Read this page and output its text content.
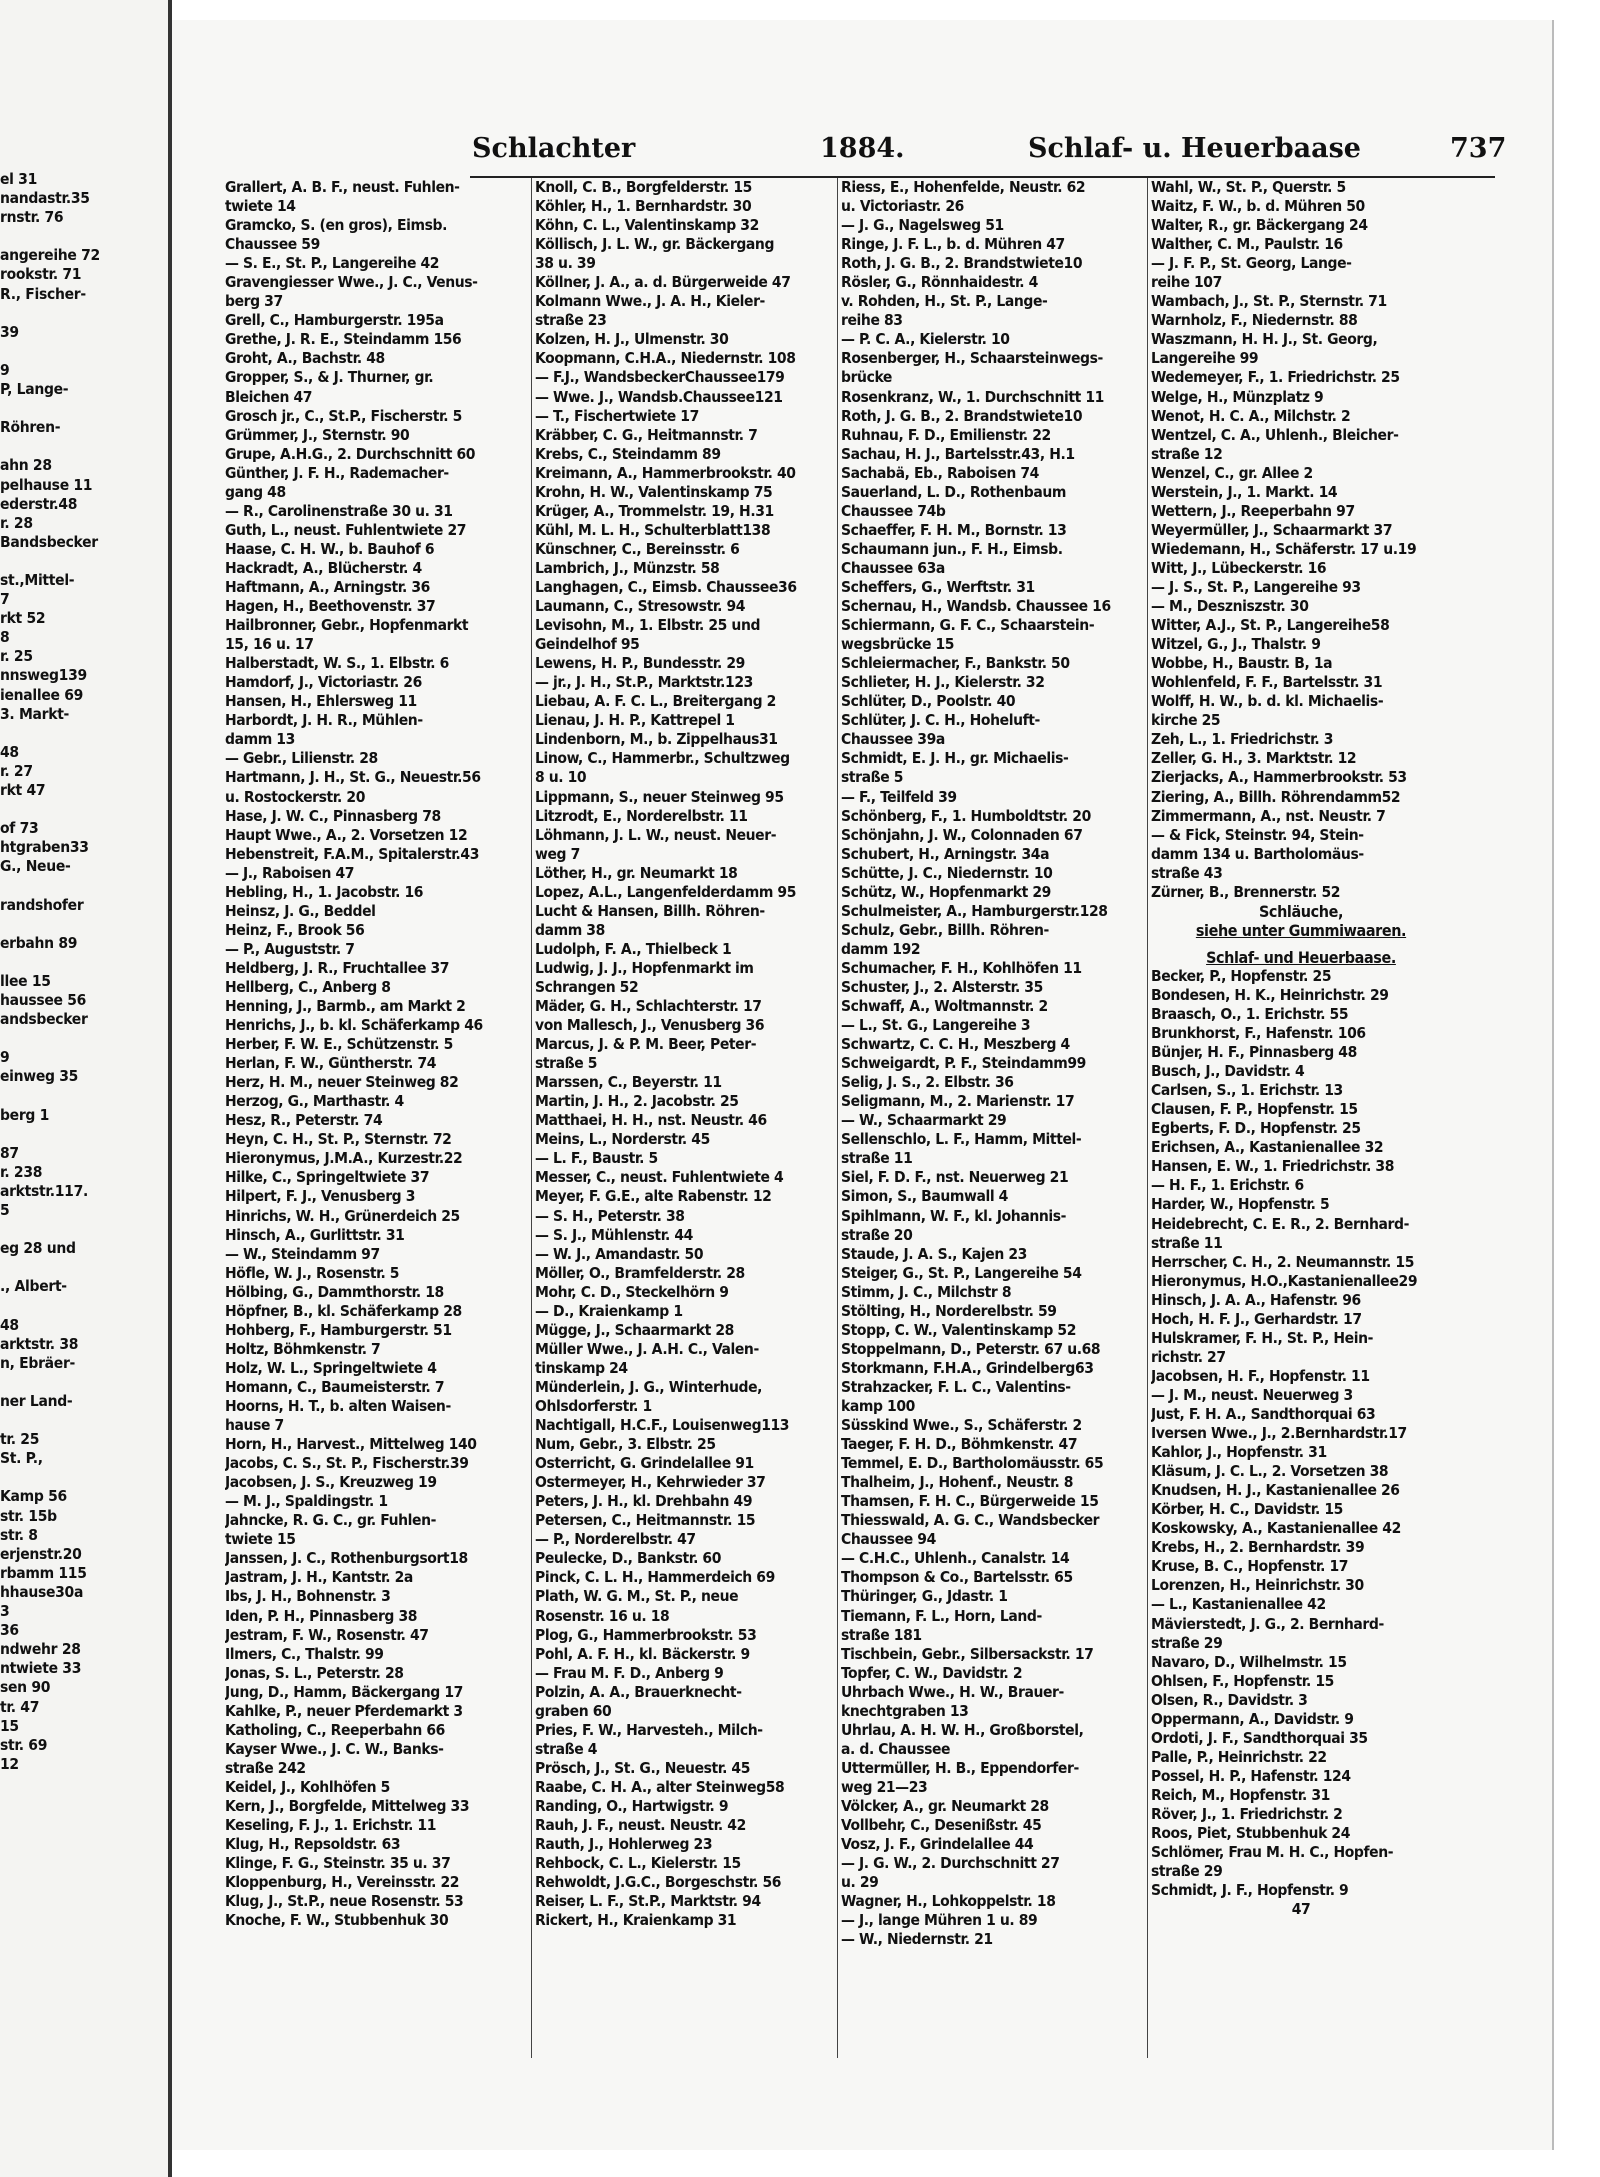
el 31
nandastr.35
rnstr. 76
angereihe 72
rookstr. 71
R., Fischer-
39
9
P, Lange-
Röhren-
ahn 28
pelhause 11
ederstr.48
r. 28
Bandsbecker
st.,Mittel-
7
rkt 52
8
r. 25
nnsweg139
ienallee 69
3. Markt-
48
r. 27
rkt 47
of 73
htgraben33
G., Neue-
randshofer
erbahn 89
llee 15
haussee 56
andsbecker
9
einweg 35
berg 1
87
r. 238
arktstr.117.
5
eg 28 und
., Albert-
48
arktstr. 38
n, Ebräer-
ner Land-
tr. 25
St. P.,
Kamp 56
str. 15b
str. 8
erjenstr.20
rbamm 115
hhause30a
3
36
ndwehr 28
ntwiete 33
sen 90
tr. 47
15
str. 69
12
Schlachter	1884.	Schlaf- u. Heuerbaase	737
Grallert, A. B. F., neust. Fuhlen-
twiete 14
Gramcko, S. (en gros), Eimsb.
Chaussee 59
— S. E., St. P., Langereihe 42
Gravengiesser Wwe., J. C., Venus-
berg 37
Grell, C., Hamburgerstr. 195a
Grethe, J. R. E., Steindamm 156
Groht, A., Bachstr. 48
Gropper, S., & J. Thurner, gr.
Bleichen 47
Grosch jr., C., St.P., Fischerstr. 5
Grümmer, J., Sternstr. 90
Grupe, A.H.G., 2. Durchschnitt 60
Günther, J. F. H., Rademacher-
gang 48
— R., Carolinenstraße 30 u. 31
Guth, L., neust. Fuhlentwiete 27
Haase, C. H. W., b. Bauhof 6
Hackradt, A., Blücherstr. 4
Haftmann, A., Arningstr. 36
Hagen, H., Beethovenstr. 37
Hailbronner, Gebr., Hopfenmarkt
15, 16 u. 17
Halberstadt, W. S., 1. Elbstr. 6
Hamdorf, J., Victoriastr. 26
Hansen, H., Ehlersweg 11
Harbordt, J. H. R., Mühlen-
damm 13
— Gebr., Lilienstr. 28
Hartmann, J. H., St. G., Neuestr.56
u. Rostockerstr. 20
Hase, J. W. C., Pinnasberg 78
Haupt Wwe., A., 2. Vorsetzen 12
Hebenstreit, F.A.M., Spitalerstr.43
— J., Raboisen 47
Hebling, H., 1. Jacobstr. 16
Heinsz, J. G., Beddel
Heinz, F., Brook 56
— P., Auguststr. 7
Heldberg, J. R., Fruchtallee 37
Hellberg, C., Anberg 8
Henning, J., Barmb., am Markt 2
Henrichs, J., b. kl. Schäferkamp 46
Herber, F. W. E., Schützenstr. 5
Herlan, F. W., Güntherstr. 74
Herz, H. M., neuer Steinweg 82
Herzog, G., Marthastr. 4
Hesz, R., Peterstr. 74
Heyn, C. H., St. P., Sternstr. 72
Hieronymus, J.M.A., Kurzestr.22
Hilke, C., Springeltwiete 37
Hilpert, F. J., Venusberg 3
Hinrichs, W. H., Grünerdeich 25
Hinsch, A., Gurlittstr. 31
— W., Steindamm 97
Höfle, W. J., Rosenstr. 5
Hölbing, G., Dammthorstr. 18
Höpfner, B., kl. Schäferkamp 28
Hohberg, F., Hamburgerstr. 51
Holtz, Böhmkenstr. 7
Holz, W. L., Springeltwiete 4
Homann, C., Baumeisterstr. 7
Hoorns, H. T., b. alten Waisen-
hause 7
Horn, H., Harvest., Mittelweg 140
Jacobs, C. S., St. P., Fischerstr.39
Jacobsen, J. S., Kreuzweg 19
— M. J., Spaldingstr. 1
Jahncke, R. G. C., gr. Fuhlen-
twiete 15
Janssen, J. C., Rothenburgsort18
Jastram, J. H., Kantstr. 2a
Ibs, J. H., Bohnenstr. 3
Iden, P. H., Pinnasberg 38
Jestram, F. W., Rosenstr. 47
Ilmers, C., Thalstr. 99
Jonas, S. L., Peterstr. 28
Jung, D., Hamm, Bäckergang 17
Kahlke, P., neuer Pferdemarkt 3
Katholing, C., Reeperbahn 66
Kayser Wwe., J. C. W., Banks-
straße 242
Keidel, J., Kohlhöfen 5
Kern, J., Borgfelde, Mittelweg 33
Keseling, F. J., 1. Erichstr. 11
Klug, H., Repsoldstr. 63
Klinge, F. G., Steinstr. 35 u. 37
Kloppenburg, H., Vereinsstr. 22
Klug, J., St.P., neue Rosenstr. 53
Knoche, F. W., Stubbenhuk 30
Knoll, C. B., Borgfelderstr. 15
Köhler, H., 1. Bernhardstr. 30
Köhn, C. L., Valentinskamp 32
Köllisch, J. L. W., gr. Bäckergang
38 u. 39
Köllner, J. A., a. d. Bürgerweide 47
Kolmann Wwe., J. A. H., Kieler-
straße 23
Kolzen, H. J., Ulmenstr. 30
Koopmann, C.H.A., Niedernstr. 108
— F.J., WandsbeckerChaussee179
— Wwe. J., Wandsb.Chaussee121
— T., Fischertwiete 17
Kräbber, C. G., Heitmannstr. 7
Krebs, C., Steindamm 89
Kreimann, A., Hammerbrookstr. 40
Krohn, H. W., Valentinskamp 75
Krüger, A., Trommelstr. 19, H.31
Kühl, M. L. H., Schulterblatt138
Künschner, C., Bereinsstr. 6
Lambrich, J., Münzstr. 58
Langhagen, C., Eimsb. Chaussee36
Laumann, C., Stresowstr. 94
Levisohn, M., 1. Elbstr. 25 und
Geindelhof 95
Lewens, H. P., Bundesstr. 29
— jr., J. H., St.P., Marktstr.123
Liebau, A. F. C. L., Breitergang 2
Lienau, J. H. P., Kattrepel 1
Lindenborn, M., b. Zippelhaus31
Linow, C., Hammerbr., Schultzweg
8 u. 10
Lippmann, S., neuer Steinweg 95
Litzrodt, E., Norderelbstr. 11
Löhmann, J. L. W., neust. Neuer-
weg 7
Löther, H., gr. Neumarkt 18
Lopez, A.L., Langenfelderdamm 95
Lucht & Hansen, Billh. Röhren-
damm 38
Ludolph, F. A., Thielbeck 1
Ludwig, J. J., Hopfenmarkt im
Schrangen 52
Mäder, G. H., Schlachterstr. 17
von Mallesch, J., Venusberg 36
Marcus, J. & P. M. Beer, Peter-
straße 5
Marssen, C., Beyerstr. 11
Martin, J. H., 2. Jacobstr. 25
Matthaei, H. H., nst. Neustr. 46
Meins, L., Norderstr. 45
— L. F., Baustr. 5
Messer, C., neust. Fuhlentwiete 4
Meyer, F. G.E., alte Rabenstr. 12
— S. H., Peterstr. 38
— S. J., Mühlenstr. 44
— W. J., Amandastr. 50
Möller, O., Bramfelderstr. 28
Mohr, C. D., Steckelhörn 9
— D., Kraienkamp 1
Mügge, J., Schaarmarkt 28
Müller Wwe., J. A.H. C., Valen-
tinskamp 24
Münderlein, J. G., Winterhude,
Ohlsdorferstr. 1
Nachtigall, H.C.F., Louisenweg113
Num, Gebr., 3. Elbstr. 25
Osterricht, G. Grindelallee 91
Ostermeyer, H., Kehrwieder 37
Peters, J. H., kl. Drehbahn 49
Petersen, C., Heitmannstr. 15
— P., Norderelbstr. 47
Peulecke, D., Bankstr. 60
Pinck, C. L. H., Hammerdeich 69
Plath, W. G. M., St. P., neue
Rosenstr. 16 u. 18
Plog, G., Hammerbrookstr. 53
Pohl, A. F. H., kl. Bäckerstr. 9
— Frau M. F. D., Anberg 9
Polzin, A. A., Brauerknecht-
graben 60
Pries, F. W., Harvesteh., Milch-
straße 4
Prösch, J., St. G., Neuestr. 45
Raabe, C. H. A., alter Steinweg58
Randing, O., Hartwigstr. 9
Rauh, J. F., neust. Neustr. 42
Rauth, J., Hohlerweg 23
Rehbock, C. L., Kielerstr. 15
Rehwoldt, J.G.C., Borgeschstr. 56
Reiser, L. F., St.P., Marktstr. 94
Rickert, H., Kraienkamp 31
Riess, E., Hohenfelde, Neustr. 62
u. Victoriastr. 26
— J. G., Nagelsweg 51
Ringe, J. F. L., b. d. Mühren 47
Roth, J. G. B., 2. Brandstwiete10
Rösler, G., Rönnhaidestr. 4
v. Rohden, H., St. P., Lange-
reihe 83
— P. C. A., Kielerstr. 10
Rosenberger, H., Schaarsteinwegs-
brücke
Rosenkranz, W., 1. Durchschnitt 11
Roth, J. G. B., 2. Brandstwiete10
Ruhnau, F. D., Emilienstr. 22
Sachau, H. J., Bartelsstr.43, H.1
Sachabä, Eb., Raboisen 74
Sauerland, L. D., Rothenbaum
Chaussee 74b
Schaeffer, F. H. M., Bornstr. 13
Schaumann jun., F. H., Eimsb.
Chaussee 63a
Scheffers, G., Werftstr. 31
Schernau, H., Wandsb. Chaussee 16
Schiermann, G. F. C., Schaarstein-
wegsbrücke 15
Schleiermacher, F., Bankstr. 50
Schlieter, H. J., Kielerstr. 32
Schlüter, D., Poolstr. 40
Schlüter, J. C. H., Hoheluft-
Chaussee 39a
Schmidt, E. J. H., gr. Michaelis-
straße 5
— F., Teilfeld 39
Schönberg, F., 1. Humboldtstr. 20
Schönjahn, J. W., Colonnaden 67
Schubert, H., Arningstr. 34a
Schütte, J. C., Niedernstr. 10
Schütz, W., Hopfenmarkt 29
Schulmeister, A., Hamburgerstr.128
Schulz, Gebr., Billh. Röhren-
damm 192
Schumacher, F. H., Kohlhöfen 11
Schuster, J., 2. Alsterstr. 35
Schwaff, A., Woltmannstr. 2
— L., St. G., Langereihe 3
Schwartz, C. C. H., Meszberg 4
Schweigardt, P. F., Steindamm99
Selig, J. S., 2. Elbstr. 36
Seligmann, M., 2. Marienstr. 17
— W., Schaarmarkt 29
Sellenschlo, L. F., Hamm, Mittel-
straße 11
Siel, F. D. F., nst. Neuerweg 21
Simon, S., Baumwall 4
Spihlmann, W. F., kl. Johannis-
straße 20
Staude, J. A. S., Kajen 23
Steiger, G., St. P., Langereihe 54
Stimm, J. C., Milchstr 8
Stölting, H., Norderelbstr. 59
Stopp, C. W., Valentinskamp 52
Stoppelmann, D., Peterstr. 67 u.68
Storkmann, F.H.A., Grindelberg63
Strahzacker, F. L. C., Valentins-
kamp 100
Süsskind Wwe., S., Schäferstr. 2
Taeger, F. H. D., Böhmkenstr. 47
Temmel, E. D., Bartholomäusstr. 65
Thalheim, J., Hohenf., Neustr. 8
Thamsen, F. H. C., Bürgerweide 15
Thiesswald, A. G. C., Wandsbecker
Chaussee 94
— C.H.C., Uhlenh., Canalstr. 14
Thompson & Co., Bartelsstr. 65
Thüringer, G., Jdastr. 1
Tiemann, F. L., Horn, Land-
straße 181
Tischbein, Gebr., Silbersackstr. 17
Topfer, C. W., Davidstr. 2
Uhrbach Wwe., H. W., Brauer-
knechtgraben 13
Uhrlau, A. H. W. H., Großborstel,
a. d. Chaussee
Uttermüller, H. B., Eppendorfer-
weg 21—23
Völcker, A., gr. Neumarkt 28
Vollbehr, C., Desenißstr. 45
Vosz, J. F., Grindelallee 44
— J. G. W., 2. Durchschnitt 27
u. 29
Wagner, H., Lohkoppelstr. 18
— J., lange Mühren 1 u. 89
— W., Niedernstr. 21
Wahl, W., St. P., Querstr. 5
Waitz, F. W., b. d. Mühren 50
Walter, R., gr. Bäckergang 24
Walther, C. M., Paulstr. 16
— J. F. P., St. Georg, Lange-
reihe 107
Wambach, J., St. P., Sternstr. 71
Warnholz, F., Niedernstr. 88
Waszmann, H. H. J., St. Georg,
Langereihe 99
Wedemeyer, F., 1. Friedrichstr. 25
Welge, H., Münzplatz 9
Wenot, H. C. A., Milchstr. 2
Wentzel, C. A., Uhlenh., Bleicher-
straße 12
Wenzel, C., gr. Allee 2
Werstein, J., 1. Markt. 14
Wettern, J., Reeperbahn 97
Weyermüller, J., Schaarmarkt 37
Wiedemann, H., Schäferstr. 17 u.19
Witt, J., Lübeckerstr. 16
— J. S., St. P., Langereihe 93
— M., Deszniszstr. 30
Witter, A.J., St. P., Langereihe58
Witzel, G., J., Thalstr. 9
Wobbe, H., Baustr. B, 1a
Wohlenfeld, F. F., Bartelsstr. 31
Wolff, H. W., b. d. kl. Michaelis-
kirche 25
Zeh, L., 1. Friedrichstr. 3
Zeller, G. H., 3. Marktstr. 12
Zierjacks, A., Hammerbrookstr. 53
Ziering, A., Billh. Röhrendamm52
Zimmermann, A., nst. Neustr. 7
— & Fick, Steinstr. 94, Stein-
damm 134 u. Bartholomäus-
straße 43
Zürner, B., Brennerstr. 52
Schläuche,
siehe unter Gummiwaaren.
Schlaf- und Heuerbaase.
Becker, P., Hopfenstr. 25
Bondesen, H. K., Heinrichstr. 29
Braasch, O., 1. Erichstr. 55
Brunkhorst, F., Hafenstr. 106
Bünjer, H. F., Pinnasberg 48
Busch, J., Davidstr. 4
Carlsen, S., 1. Erichstr. 13
Clausen, F. P., Hopfenstr. 15
Egberts, F. D., Hopfenstr. 25
Erichsen, A., Kastanienallee 32
Hansen, E. W., 1. Friedrichstr. 38
— H. F., 1. Erichstr. 6
Harder, W., Hopfenstr. 5
Heidebrecht, C. E. R., 2. Bernhard-
straße 11
Herrscher, C. H., 2. Neumannstr. 15
Hieronymus, H.O.,Kastanienallee29
Hinsch, J. A. A., Hafenstr. 96
Hoch, H. F. J., Gerhardstr. 17
Hulskramer, F. H., St. P., Hein-
richstr. 27
Jacobsen, H. F., Hopfenstr. 11
— J. M., neust. Neuerweg 3
Just, F. H. A., Sandthorquai 63
Iversen Wwe., J., 2.Bernhardstr.17
Kahlor, J., Hopfenstr. 31
Kläsum, J. C. L., 2. Vorsetzen 38
Knudsen, H. J., Kastanienallee 26
Körber, H. C., Davidstr. 15
Koskowsky, A., Kastanienallee 42
Krebs, H., 2. Bernhardstr. 39
Kruse, B. C., Hopfenstr. 17
Lorenzen, H., Heinrichstr. 30
— L., Kastanienallee 42
Mävierstedt, J. G., 2. Bernhard-
straße 29
Navaro, D., Wilhelmstr. 15
Ohlsen, F., Hopfenstr. 15
Olsen, R., Davidstr. 3
Oppermann, A., Davidstr. 9
Ordoti, J. F., Sandthorquai 35
Palle, P., Heinrichstr. 22
Possel, H. P., Hafenstr. 124
Reich, M., Hopfenstr. 31
Röver, J., 1. Friedrichstr. 2
Roos, Piet, Stubbenhuk 24
Schlömer, Frau M. H. C., Hopfen-
straße 29
Schmidt, J. F., Hopfenstr. 9
47
